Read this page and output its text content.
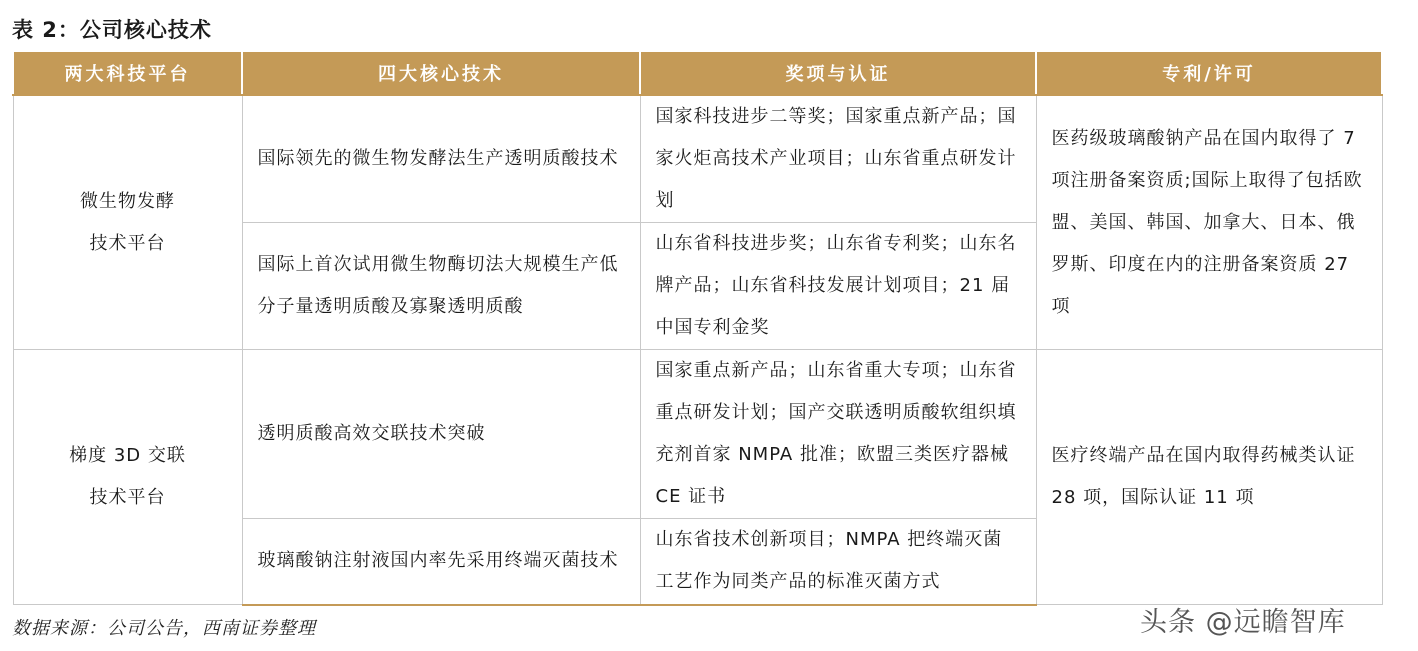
表 2：公司核心技术
两大科技平台	四大核心技术	奖项与认证	专利/许可

微生物发酵
技术平台	国际领先的微生物发酵法生产透明质酸技术	国家科技进步二等奖；国家重点新产品；国家火炬高技术产业项目；山东省重点研发计划	医药级玻璃酸钠产品在国内取得了 7 项注册备案资质;国际上取得了包括欧盟、美国、韩国、加拿大、日本、俄罗斯、印度在内的注册备案资质 27 项
	国际上首次试用微生物酶切法大规模生产低分子量透明质酸及寡聚透明质酸	山东省科技进步奖；山东省专利奖；山东名牌产品；山东省科技发展计划项目；21 届中国专利金奖	

梯度 3D 交联
技术平台	透明质酸高效交联技术突破	国家重点新产品；山东省重大专项；山东省重点研发计划；国产交联透明质酸软组织填充剂首家 NMPA 批准；欧盟三类医疗器械 CE 证书	医疗终端产品在国内取得药械类认证 28 项，国际认证 11 项
	玻璃酸钠注射液国内率先采用终端灭菌技术	山东省技术创新项目；NMPA 把终端灭菌工艺作为同类产品的标准灭菌方式	
数据来源：公司公告，西南证券整理	头条 @远瞻智库
